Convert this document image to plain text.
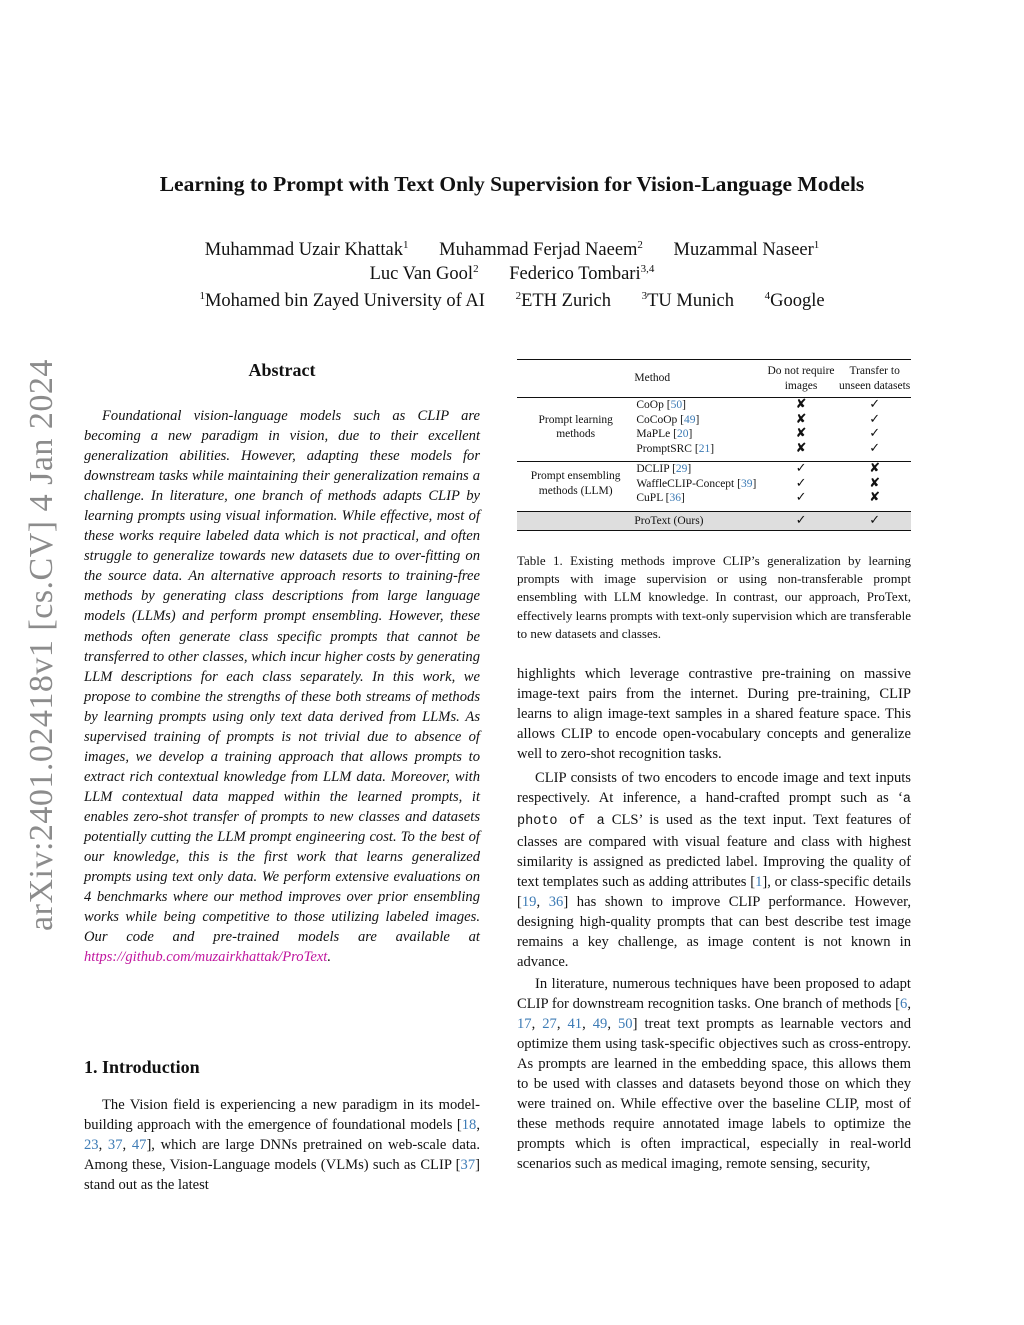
arXiv:2401.02418v1 [cs.CV] 4 Jan 2024
Learning to Prompt with Text Only Supervision for Vision-Language Models
Muhammad Uzair Khattak$^1$ Muhammad Ferjad Naeem$^2$ Muzammal Naseer$^1$
Luc Van Gool$^2$ Federico Tombari$^{3,4}$
$^1$Mohamed bin Zayed University of AI	$^2$ETH Zurich	$^3$TU Munich	$^4$Google
Abstract
Foundational vision-language models such as CLIP are becoming a new paradigm in vision, due to their excellent generalization abilities. However, adapting these models for downstream tasks while maintaining their generalization remains a challenge. In literature, one branch of methods adapts CLIP by learning prompts using visual information. While effective, most of these works require labeled data which is not practical, and often struggle to generalize towards new datasets due to over-fitting on the source data. An alternative approach resorts to training-free methods by generating class descriptions from large language models (LLMs) and perform prompt ensembling. However, these methods often generate class specific prompts that cannot be transferred to other classes, which incur higher costs by generating LLM descriptions for each class separately. In this work, we propose to combine the strengths of these both streams of methods by learning prompts using only text data derived from LLMs. As supervised training of prompts is not trivial due to absence of images, we develop a training approach that allows prompts to extract rich contextual knowledge from LLM data. Moreover, with LLM contextual data mapped within the learned prompts, it enables zero-shot transfer of prompts to new classes and datasets potentially cutting the LLM prompt engineering cost. To the best of our knowledge, this is the first work that learns generalized prompts using text only data. We perform extensive evaluations on 4 benchmarks where our method improves over prior ensembling works while being competitive to those utilizing labeled images. Our code and pre-trained models are available at https://github.com/muzairkhattak/ProText.
1. Introduction
The Vision field is experiencing a new paradigm in its model-building approach with the emergence of foundational models [18, 23, 37, 47], which are large DNNs pretrained on web-scale data. Among these, Vision-Language models (VLMs) such as CLIP [37] stand out as the latest
highlights which leverage contrastive pre-training on massive image-text pairs from the internet. During pre-training, CLIP learns to align image-text samples in a shared feature space. This allows CLIP to encode open-vocabulary concepts and generalize well to zero-shot recognition tasks.
CLIP consists of two encoders to encode image and text inputs respectively. At inference, a hand-crafted prompt such as ‘a photo of a CLS’ is used as the text input. Text features of classes are compared with visual feature and class with highest similarity is assigned as predicted label. Improving the quality of text templates such as adding attributes [1], or class-specific details [19, 36] has shown to improve CLIP performance. However, designing high-quality prompts that can best describe test image remains a key challenge, as image content is not known in advance.
In literature, numerous techniques have been proposed to adapt CLIP for downstream recognition tasks. One branch of methods [6, 17, 27, 41, 49, 50] treat text prompts as learnable vectors and optimize them using task-specific objectives such as cross-entropy. As prompts are learned in the embedding space, this allows them to be used with classes and datasets beyond those on which they were trained on. While effective over the baseline CLIP, most of these methods require annotated image labels to optimize the prompts which is often impractical, especially in real-world scenarios such as medical imaging, remote sensing, security,
	Method	Do not require
images	Transfer to
unseen datasets
Prompt learning
methods	CoOp [50]	✘	✓
	CoCoOp [49]	✘	✓
	MaPLe [20]	✘	✓
	PromptSRC [21]	✘	✓

Prompt ensembling
methods (LLM)	DCLIP [29]	✓	✘
	WaffleCLIP-Concept [39]	✓	✘
	CuPL [36]	✓	✘

	ProText (Ours)	✓	✓
Table 1. Existing methods improve CLIP’s generalization by learning prompts with image supervision or using non-transferable prompt ensembling with LLM knowledge. In contrast, our approach, ProText, effectively learns prompts with text-only supervision which are transferable to new datasets and classes.
